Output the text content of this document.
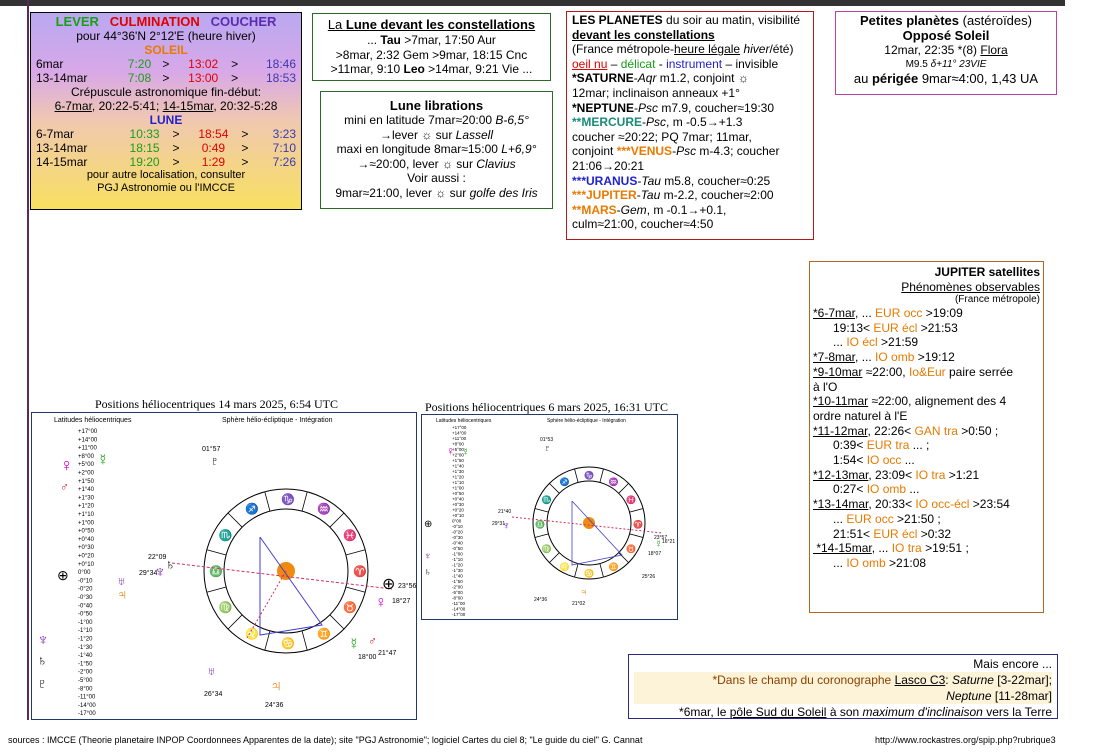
LEVER CULMINATION COUCHER
pour 44°36'N 2°12'E (heure hiver)
SOLEIL
6mar	7:20	>	13:02	>	18:46
13-14mar	7:08	>	13:00	>	18:53
Crépuscule astronomique fin-début:
6-7mar, 20:22-5:41; 14-15mar, 20:32-5:28
LUNE
6-7mar	10:33	>	18:54	>	3:23
13-14mar	18:15	>	0:49	>	7:10
14-15mar	19:20	>	1:29	>	7:26
pour autre localisation, consulter
PGJ Astronomie ou l'IMCCE
La Lune devant les constellations
... Tau >7mar, 17:50 Aur
>8mar, 2:32 Gem >9mar, 18:15 Cnc
>11mar, 9:10 Leo >14mar, 9:21 Vie ...
Lune librations
mini en latitude 7mar≈20:00 B-6,5°
→lever ☼ sur Lassell
maxi en longitude 8mar≈15:00 L+6,9°
→≈20:00, lever ☼ sur Clavius
Voir aussi :
9mar≈21:00, lever ☼ sur golfe des Iris
LES PLANETES du soir au matin, visibilité
devant les constellations
(France métropole-heure légale hiver/été)
oeil nu – délicat - instrument – invisible
*SATURNE-Aqr m1.2, conjoint ☼
12mar; inclinaison anneaux +1°
*NEPTUNE-Psc m7.9, coucher≈19:30
**MERCURE-Psc, m -0.5→+1.3
coucher ≈20:22; PQ 7mar; 11mar,
conjoint ***VENUS-Psc m-4.3; coucher
21:06→20:21
***URANUS-Tau m5.8, coucher≈0:25
***JUPITER-Tau m-2.2, coucher≈2:00
**MARS-Gem, m -0.1→+0.1,
culm≈21:00, coucher≈4:50
Petites planètes (astéroïdes)
Opposé Soleil
12mar, 22:35 *(8) Flora
M9.5 δ+11° 23VIE
au périgée 9mar≈4:00, 1,43 UA
JUPITER satellites
Phénomènes observables
(France métropole)
*6-7mar, ... EUR occ >19:09
19:13< EUR écl >21:53
... IO écl >21:59
*7-8mar, ... IO omb >19:12
*9-10mar ≈22:00, Io&Eur paire serrée
à l'O
*10-11mar ≈22:00, alignement des 4
ordre naturel à l'E
*11-12mar, 22:26< GAN tra >0:50 ;
0:39< EUR tra ... ;
1:54< IO occ ...
*12-13mar, 23:09< IO tra >1:21
0:27< IO omb ...
*13-14mar, 20:33< IO occ-écl >23:54
... EUR occ >21:50 ;
21:51< EUR écl >0:32
*14-15mar, ... IO tra >19:51 ;
... IO omb >21:08
Mais encore ...
*Dans le champ du coronographe Lasco C3: Saturne [3-22mar];
Neptune [11-28mar]
*6mar, le pôle Sud du Soleil à son maximum d'inclinaison vers la Terre
Positions héliocentriques 14 mars 2025, 6:54 UTC
Latitudes héliocentriques	Sphère hélio-écliptique - Intégration
+17°00
+14°00
+11°00
+8°00
+5°00
+2°00
+1°50
+1°40
+1°30
+1°20
+1°10
+1°00
+0°50
+0°40
+0°30
+0°20
+0°10
0°00
-0°10
-0°20
-0°30
-0°40
-0°50
-1°00
-1°10
-1°20
-1°30
-1°40
-1°50
-2°00
-5°00
-8°00
-11°00
-14°00
-17°00
♀ ☿
♂
⊕	♅
♃
♆
♄
♇
♈
♉
♊
♋
♌
♍
♎
♏
♐
♑
♒
♓
♇
♄
♆
⊕
♀
☿ ♂
♅
♃
01°57
22°09
29°34
23°56
18°27
18°00
21°47
26°34
24°36
Positions héliocentriques 6 mars 2025, 16:31 UTC
Latitudes héliocentriques	Sphère hélio-écliptique - Intégration
+17°00
+14°00
+11°00
+8°00
+5°00
+2°00
+1°50
+1°40
+1°30
+1°20
+1°10
+1°00
+0°50
+0°40
+0°30
+0°20
+0°10
0°00
-0°10
-0°20
-0°30
-0°40
-0°50
-1°00
-1°10
-1°20
-1°30
-1°40
-1°50
-2°00
-5°00
-8°00
-11°00
-14°00
-17°00
♀ ☿
⊕
♆
♄
♈
♉
♊
♋
♌
♍
♎
♏
♐
♑
♒
♓
♇
♆
☿
♃
01°53
21°40
29°31
23°57
18°07
16°21
25°26
24°36
21°02
sources : IMCCE (Theorie planetaire INPOP Coordonnees Apparentes de la date); site "PGJ Astronomie"; logiciel Cartes du ciel 8; "Le guide du ciel" G. Cannat	http://www.rockastres.org/spip.php?rubrique3
